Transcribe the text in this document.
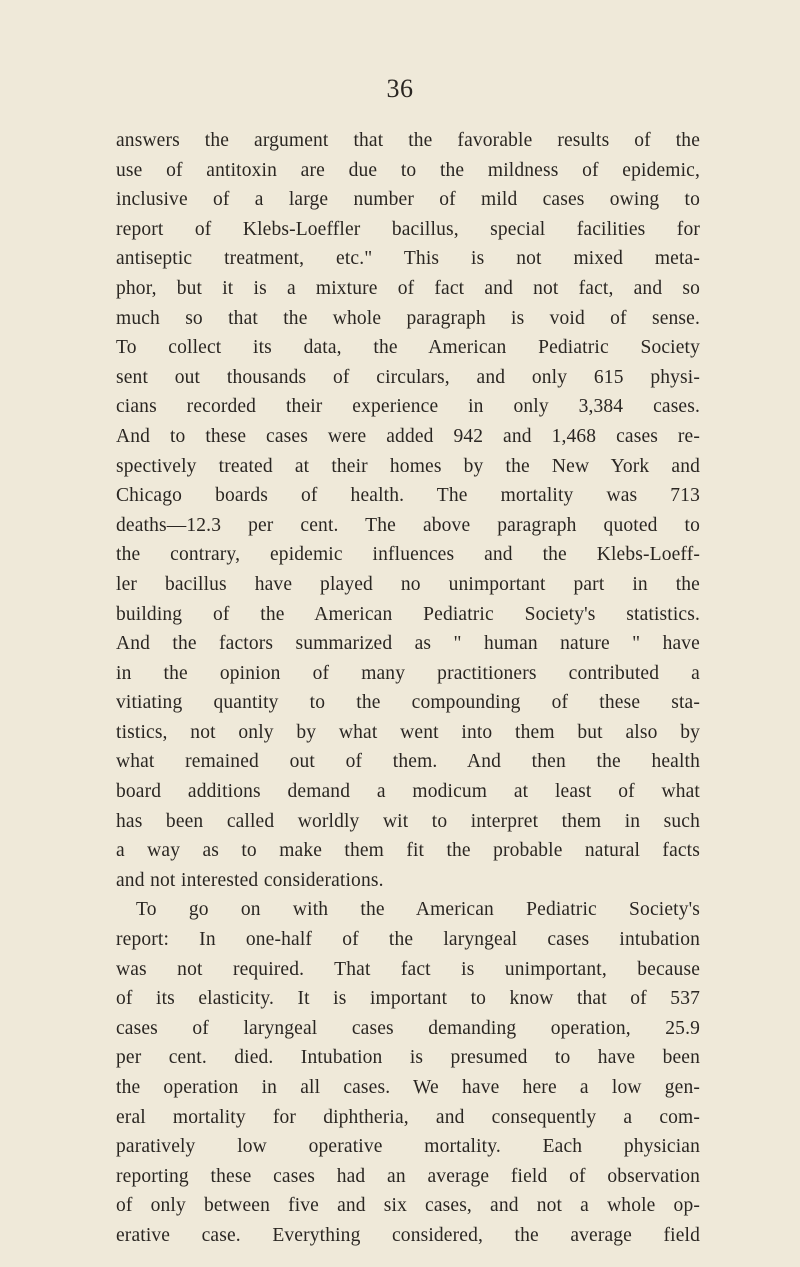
36
answers the argument that the favorable results of the
use of antitoxin are due to the mildness of epidemic,
inclusive of a large number of mild cases owing to
report of Klebs-Loeffler bacillus, special facilities for
antiseptic treatment, etc." This is not mixed meta-
phor, but it is a mixture of fact and not fact, and so
much so that the whole paragraph is void of sense.
To collect its data, the American Pediatric Society
sent out thousands of circulars, and only 615 physi-
cians recorded their experience in only 3,384 cases.
And to these cases were added 942 and 1,468 cases re-
spectively treated at their homes by the New York and
Chicago boards of health. The mortality was 713
deaths—12.3 per cent. The above paragraph quoted to
the contrary, epidemic influences and the Klebs-Loeff-
ler bacillus have played no unimportant part in the
building of the American Pediatric Society's statistics.
And the factors summarized as " human nature " have
in the opinion of many practitioners contributed a
vitiating quantity to the compounding of these sta-
tistics, not only by what went into them but also by
what remained out of them. And then the health
board additions demand a modicum at least of what
has been called worldly wit to interpret them in such
a way as to make them fit the probable natural facts
and not interested considerations.
To go on with the American Pediatric Society's
report: In one-half of the laryngeal cases intubation
was not required. That fact is unimportant, because
of its elasticity. It is important to know that of 537
cases of laryngeal cases demanding operation, 25.9
per cent. died. Intubation is presumed to have been
the operation in all cases. We have here a low gen-
eral mortality for diphtheria, and consequently a com-
paratively low operative mortality. Each physician
reporting these cases had an average field of observation
of only between five and six cases, and not a whole op-
erative case. Everything considered, the average field
